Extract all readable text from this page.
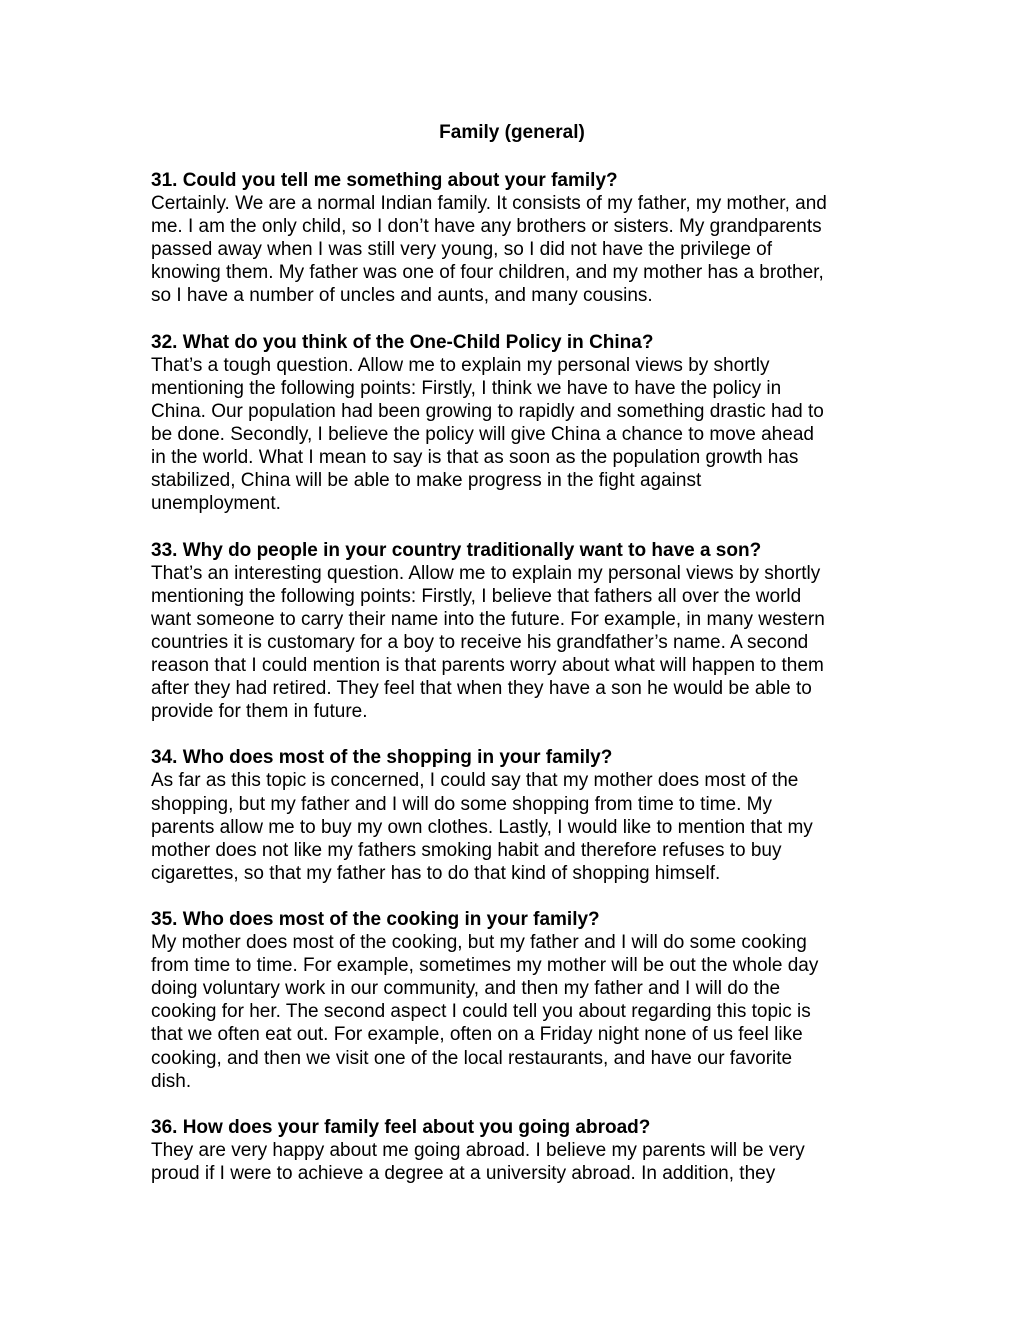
Family (general)

31. Could you tell me something about your family?

Certainly. We are a normal Indian family. It consists of my father, my mother, and

me. I am the only child, so I don’t have any brothers or sisters. My grandparents

passed away when I was still very young, so I did not have the privilege of

knowing them. My father was one of four children, and my mother has a brother,

so I have a number of uncles and aunts, and many cousins.

32. What do you think of the One-Child Policy in China?

That’s a tough question. Allow me to explain my personal views by shortly

mentioning the following points: Firstly, I think we have to have the policy in

China. Our population had been growing to rapidly and something drastic had to

be done. Secondly, I believe the policy will give China a chance to move ahead

in the world. What I mean to say is that as soon as the population growth has

stabilized, China will be able to make progress in the fight against

unemployment.

33. Why do people in your country traditionally want to have a son?

That’s an interesting question. Allow me to explain my personal views by shortly

mentioning the following points: Firstly, I believe that fathers all over the world

want someone to carry their name into the future. For example, in many western

countries it is customary for a boy to receive his grandfather’s name. A second

reason that I could mention is that parents worry about what will happen to them

after they had retired. They feel that when they have a son he would be able to

provide for them in future.

34. Who does most of the shopping in your family?

As far as this topic is concerned, I could say that my mother does most of the

shopping, but my father and I will do some shopping from time to time. My

parents allow me to buy my own clothes. Lastly, I would like to mention that my

mother does not like my fathers smoking habit and therefore refuses to buy

cigarettes, so that my father has to do that kind of shopping himself.

35. Who does most of the cooking in your family?

My mother does most of the cooking, but my father and I will do some cooking

from time to time. For example, sometimes my mother will be out the whole day

doing voluntary work in our community, and then my father and I will do the

cooking for her. The second aspect I could tell you about regarding this topic is

that we often eat out. For example, often on a Friday night none of us feel like

cooking, and then we visit one of the local restaurants, and have our favorite

dish.

36. How does your family feel about you going abroad?

They are very happy about me going abroad. I believe my parents will be very

proud if I were to achieve a degree at a university abroad. In addition, they
